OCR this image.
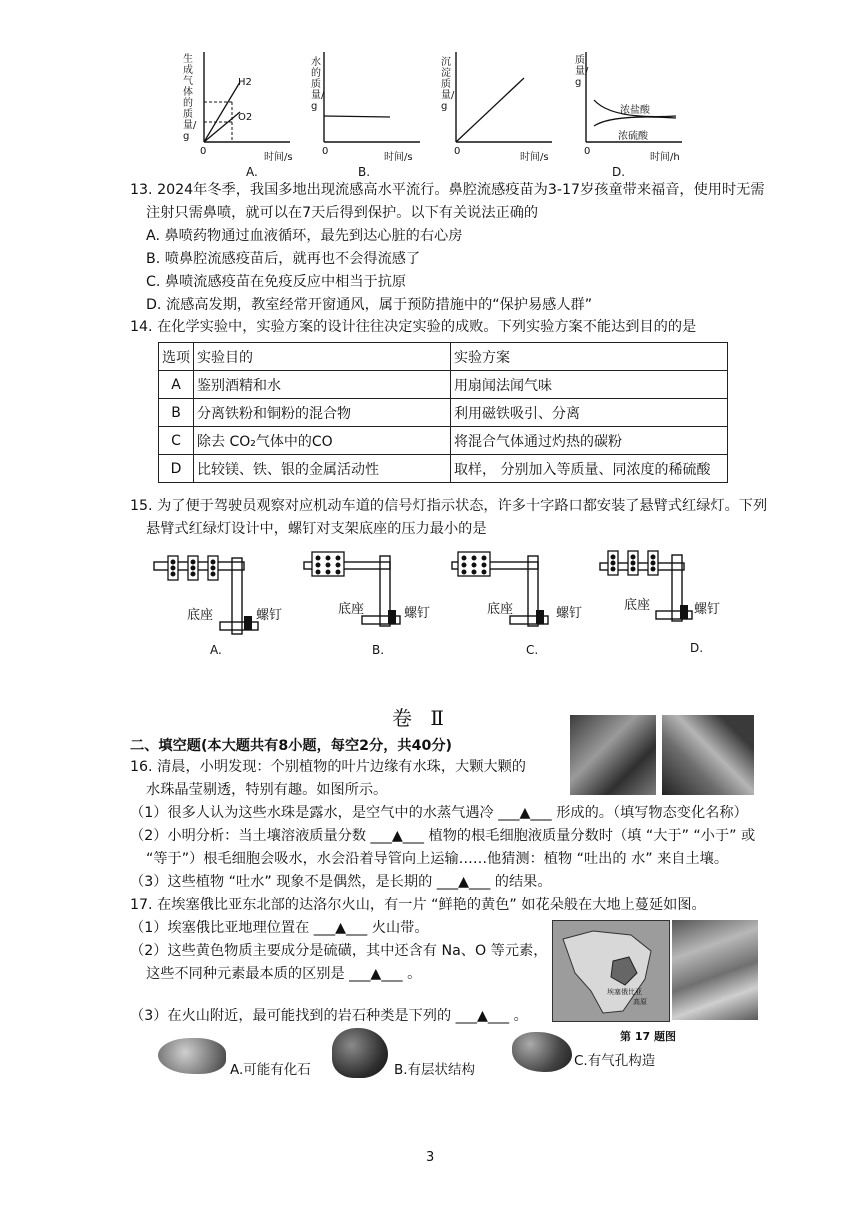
生成气体的质量/g
H2
O2
0
时间/s
A.
水的质量/g
0
时间/s
B.
沉淀质量/g
0
时间/s
质量/g
浓盐酸
浓硫酸
0
时间/h
D.
13. 2024年冬季，我国多地出现流感高水平流行。鼻腔流感疫苗为3-17岁孩童带来福音，使用时无需
注射只需鼻喷，就可以在7天后得到保护。以下有关说法正确的
A. 鼻喷药物通过血液循环，最先到达心脏的右心房
B. 喷鼻腔流感疫苗后，就再也不会得流感了
C. 鼻喷流感疫苗在免疫反应中相当于抗原
D. 流感高发期，教室经常开窗通风，属于预防措施中的“保护易感人群”
14. 在化学实验中，实验方案的设计往往决定实验的成败。下列实验方案不能达到目的的是
选项	实验目的	实验方案
A	鉴别酒精和水	用扇闻法闻气味
B	分离铁粉和铜粉的混合物	利用磁铁吸引、分离
C	除去 CO₂气体中的CO	将混合气体通过灼热的碳粉
D	比较镁、铁、银的金属活动性	取样， 分别加入等质量、同浓度的稀硫酸
15. 为了便于驾驶员观察对应机动车道的信号灯指示状态，许多十字路口都安装了悬臂式红绿灯。下列
悬臂式红绿灯设计中，螺钉对支架底座的压力最小的是
底座	螺钉
A.
底座	螺钉
B.
底座	螺钉
C.
底座	螺钉
D.
卷 Ⅱ
二、填空题(本大题共有8小题，每空2分，共40分)
16. 清晨，小明发现：个别植物的叶片边缘有水珠，大颗大颗的
水珠晶莹剔透，特别有趣。如图所示。
（1）很多人认为这些水珠是露水，是空气中的水蒸气遇冷 ___▲___ 形成的。（填写物态变化名称）
（2）小明分析：当土壤溶液质量分数 ___▲___ 植物的根毛细胞液质量分数时（填 “大于” “小于” 或
“等于”）根毛细胞会吸水，水会沿着导管向上运输……他猜测：植物 “吐出的 水” 来自土壤。
（3）这些植物 “吐水” 现象不是偶然，是长期的 ___▲___ 的结果。
17. 在埃塞俄比亚东北部的达洛尔火山，有一片 “鲜艳的黄色” 如花朵般在大地上蔓延如图。
（1）埃塞俄比亚地理位置在 ___▲___ 火山带。
（2）这些黄色物质主要成分是硫磺，其中还含有 Na、O 等元素，
这些不同种元素最本质的区别是 ___▲___ 。
（3）在火山附近，最可能找到的岩石种类是下列的 ___▲___ 。
埃塞俄比亚
高原
第 17 题图
A.可能有化石	B.有层状结构
C.有气孔构造
3
